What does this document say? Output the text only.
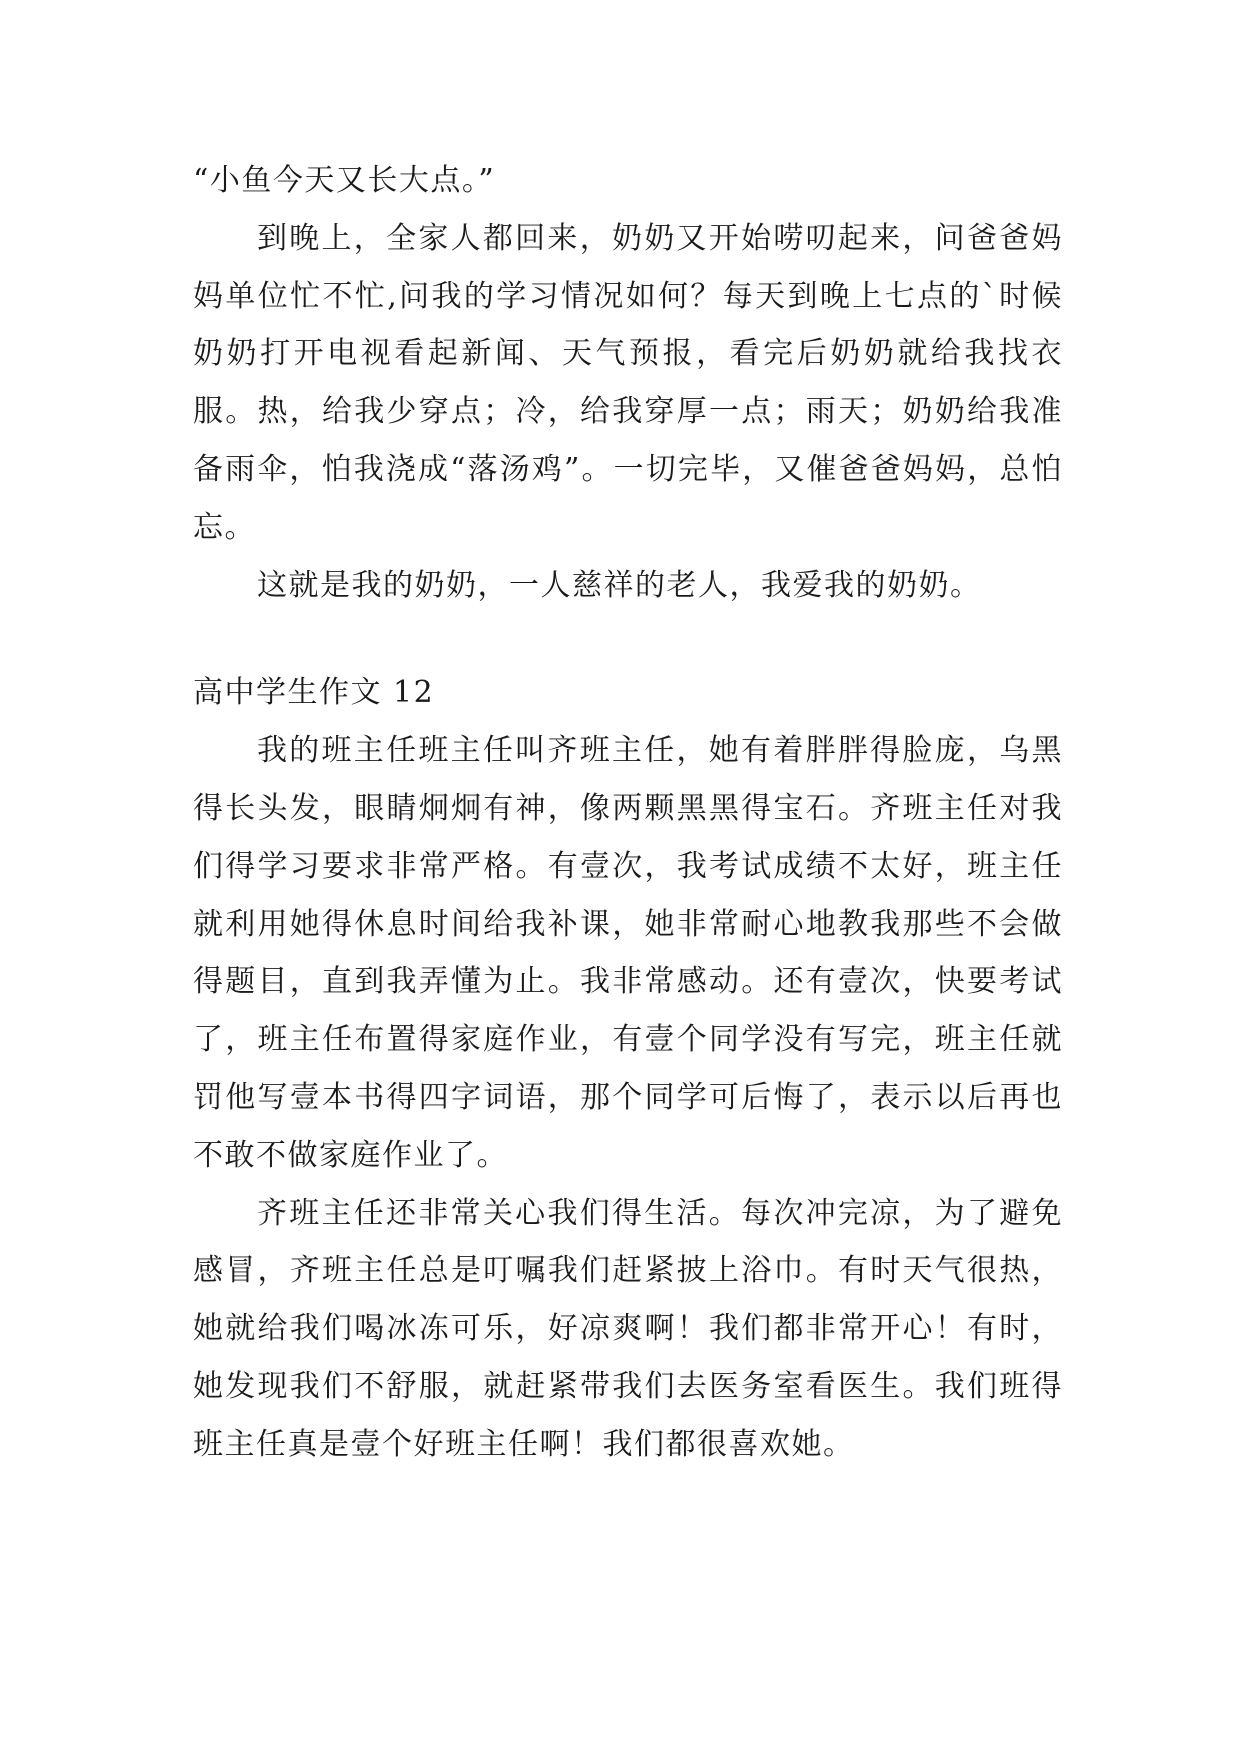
“小鱼今天又长大点。”

到晚上，全家人都回来，奶奶又开始唠叨起来，问爸爸妈妈单位忙不忙,问我的学习情况如何？每天到晚上七点的`时候奶奶打开电视看起新闻、天气预报，看完后奶奶就给我找衣服。热，给我少穿点；冷，给我穿厚一点；雨天；奶奶给我准备雨伞，怕我浇成“落汤鸡”。一切完毕，又催爸爸妈妈，总怕忘。

这就是我的奶奶，一人慈祥的老人，我爱我的奶奶。

高中学生作文 12

我的班主任班主任叫齐班主任，她有着胖胖得脸庞，乌黑得长头发，眼睛炯炯有神，像两颗黑黑得宝石。齐班主任对我们得学习要求非常严格。有壹次，我考试成绩不太好，班主任就利用她得休息时间给我补课，她非常耐心地教我那些不会做得题目，直到我弄懂为止。我非常感动。还有壹次，快要考试了，班主任布置得家庭作业，有壹个同学没有写完，班主任就罚他写壹本书得四字词语，那个同学可后悔了，表示以后再也不敢不做家庭作业了。

齐班主任还非常关心我们得生活。每次冲完凉，为了避免感冒，齐班主任总是叮嘱我们赶紧披上浴巾。有时天气很热，她就给我们喝冰冻可乐，好凉爽啊！我们都非常开心！有时，她发现我们不舒服，就赶紧带我们去医务室看医生。我们班得班主任真是壹个好班主任啊！我们都很喜欢她。
